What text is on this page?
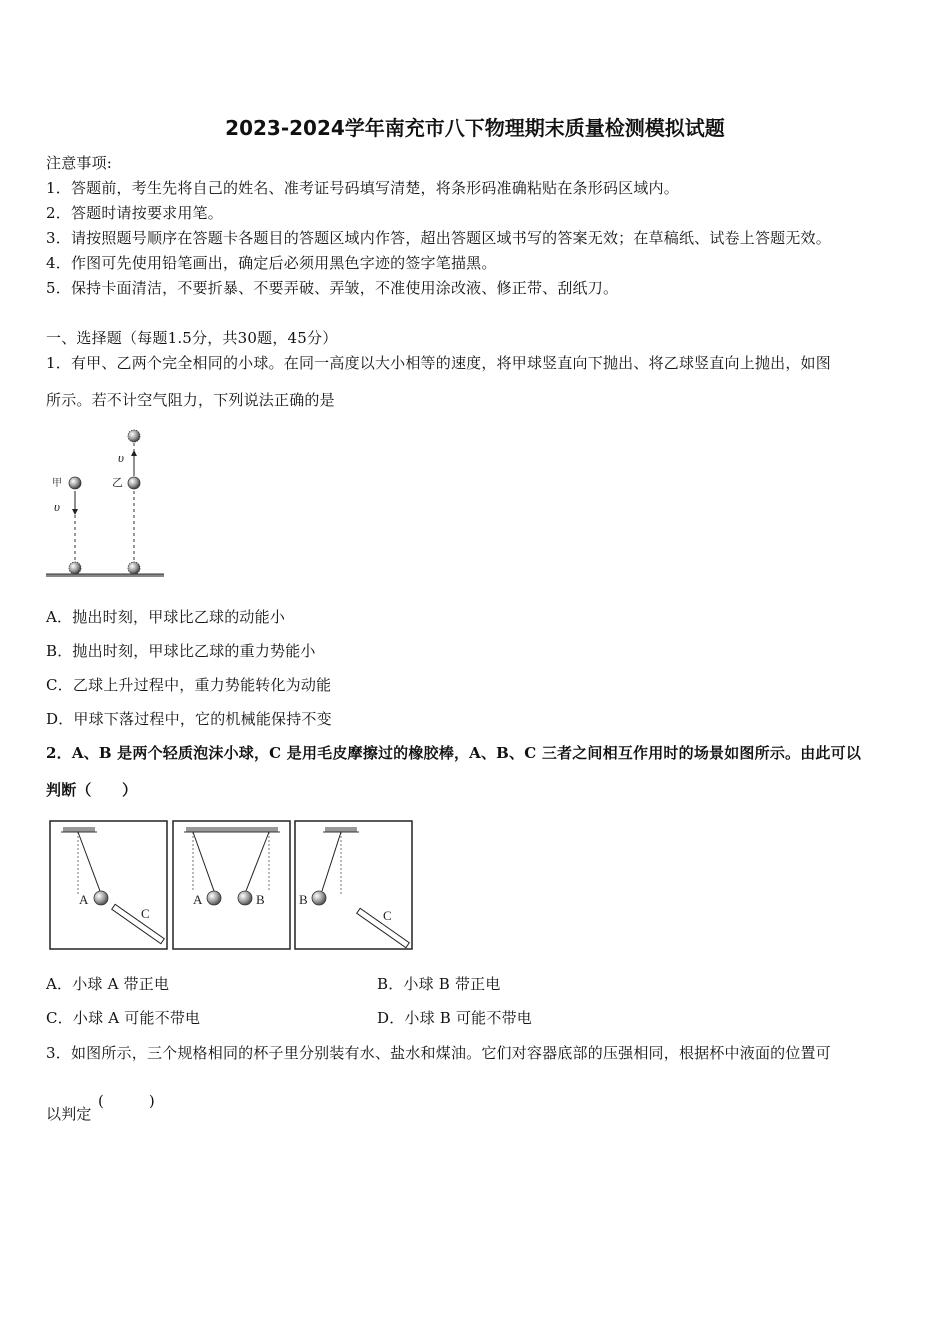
2023-2024学年南充市八下物理期末质量检测模拟试题
注意事项:
1．答题前，考生先将自己的姓名、准考证号码填写清楚，将条形码准确粘贴在条形码区域内。
2．答题时请按要求用笔。
3．请按照题号顺序在答题卡各题目的答题区域内作答，超出答题区域书写的答案无效；在草稿纸、试卷上答题无效。
4．作图可先使用铅笔画出，确定后必须用黑色字迹的签字笔描黑。
5．保持卡面清洁，不要折暴、不要弄破、弄皱，不准使用涂改液、修正带、刮纸刀。
一、选择题（每题1.5分，共30题，45分）
1．有甲、乙两个完全相同的小球。在同一高度以大小相等的速度，将甲球竖直向下抛出、将乙球竖直向上抛出，如图
所示。若不计空气阻力，下列说法正确的是
甲
υ
乙
υ
A．抛出时刻，甲球比乙球的动能小
B．抛出时刻，甲球比乙球的重力势能小
C．乙球上升过程中，重力势能转化为动能
D．甲球下落过程中，它的机械能保持不变
2．A、B 是两个轻质泡沫小球，C 是用毛皮摩擦过的橡胶棒，A、B、C 三者之间相互作用时的场景如图所示。由此可以
判断（　　）
A
C
A	B	B
C
A．小球 A 带正电	B．小球 B 带正电
C．小球 A 可能不带电	D．小球 B 可能不带电
3．如图所示，三个规格相同的杯子里分别装有水、盐水和煤油。它们对容器底部的压强相同，根据杯中液面的位置可
以判定
(　　　)
